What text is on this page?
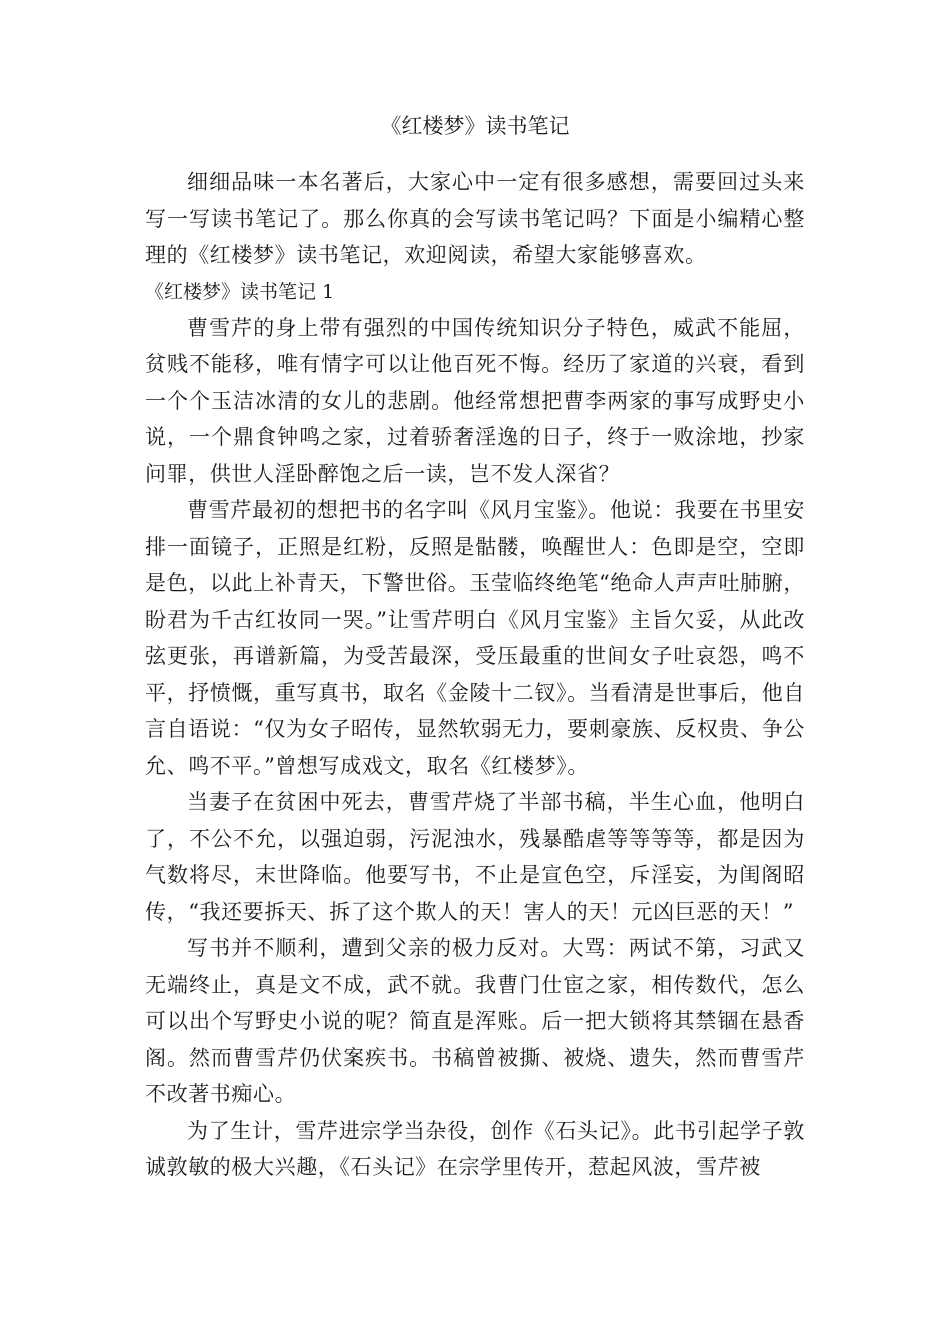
《红楼梦》读书笔记

细细品味一本名著后，大家心中一定有很多感想，需要回过头来写一写读书笔记了。那么你真的会写读书笔记吗？下面是小编精心整理的《红楼梦》读书笔记，欢迎阅读，希望大家能够喜欢。

《红楼梦》读书笔记 1

曹雪芹的身上带有强烈的中国传统知识分子特色，威武不能屈，贫贱不能移，唯有情字可以让他百死不悔。经历了家道的兴衰，看到一个个玉洁冰清的女儿的悲剧。他经常想把曹李两家的事写成野史小说，一个鼎食钟鸣之家，过着骄奢淫逸的日子，终于一败涂地，抄家问罪，供世人淫卧醉饱之后一读，岂不发人深省？

曹雪芹最初的想把书的名字叫《风月宝鉴》。他说：我要在书里安排一面镜子，正照是红粉，反照是骷髅，唤醒世人：色即是空，空即是色，以此上补青天，下警世俗。玉莹临终绝笔“绝命人声声吐肺腑，盼君为千古红妆同一哭。”让雪芹明白《风月宝鉴》主旨欠妥，从此改弦更张，再谱新篇，为受苦最深，受压最重的世间女子吐哀怨，鸣不平，抒愤慨，重写真书，取名《金陵十二钗》。当看清是世事后，他自言自语说：“仅为女子昭传，显然软弱无力，要刺豪族、反权贵、争公允、鸣不平。”曾想写成戏文，取名《红楼梦》。

当妻子在贫困中死去，曹雪芹烧了半部书稿，半生心血，他明白了，不公不允，以强迫弱，污泥浊水，残暴酷虐等等等等，都是因为气数将尽，末世降临。他要写书，不止是宣色空，斥淫妄，为闺阁昭传，“我还要拆天、拆了这个欺人的天！害人的天！元凶巨恶的天！”

写书并不顺利，遭到父亲的极力反对。大骂：两试不第，习武又无端终止，真是文不成，武不就。我曹门仕宦之家，相传数代，怎么可以出个写野史小说的呢？简直是浑账。后一把大锁将其禁锢在悬香阁。然而曹雪芹仍伏案疾书。书稿曾被撕、被烧、遗失，然而曹雪芹不改著书痴心。

为了生计，雪芹进宗学当杂役，创作《石头记》。此书引起学子敦诚敦敏的极大兴趣，《石头记》在宗学里传开，惹起风波，雪芹被
